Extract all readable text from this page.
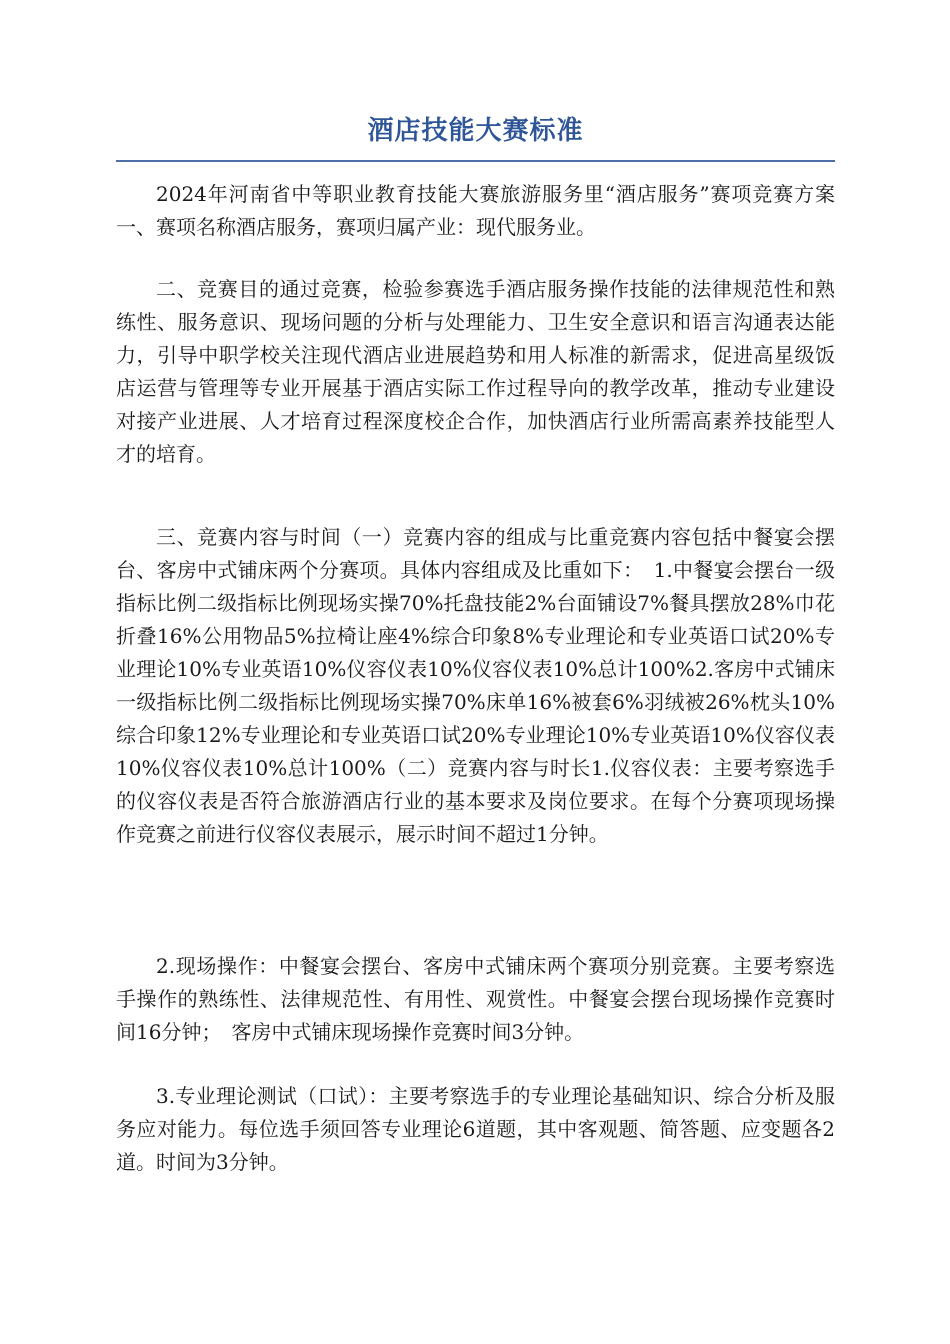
酒店技能大赛标准

2024年河南省中等职业教育技能大赛旅游服务里“酒店服务”赛项竞赛方案一、赛项名称酒店服务，赛项归属产业：现代服务业。

二、竞赛目的通过竞赛，检验参赛选手酒店服务操作技能的法律规范性和熟练性、服务意识、现场问题的分析与处理能力、卫生安全意识和语言沟通表达能力，引导中职学校关注现代酒店业进展趋势和用人标准的新需求，促进高星级饭店运营与管理等专业开展基于酒店实际工作过程导向的教学改革，推动专业建设对接产业进展、人才培育过程深度校企合作，加快酒店行业所需高素养技能型人才的培育。

三、竞赛内容与时间（一）竞赛内容的组成与比重竞赛内容包括中餐宴会摆台、客房中式铺床两个分赛项。具体内容组成及比重如下：　1.中餐宴会摆台一级指标比例二级指标比例现场实操70%托盘技能2%台面铺设7%餐具摆放28%巾花折叠16%公用物品5%拉椅让座4%综合印象8%专业理论和专业英语口试20%专业理论10%专业英语10%仪容仪表10%仪容仪表10%总计100%2.客房中式铺床一级指标比例二级指标比例现场实操70%床单16%被套6%羽绒被26%枕头10%综合印象12%专业理论和专业英语口试20%专业理论10%专业英语10%仪容仪表10%仪容仪表10%总计100%（二）竞赛内容与时长1.仪容仪表：主要考察选手的仪容仪表是否符合旅游酒店行业的基本要求及岗位要求。在每个分赛项现场操作竞赛之前进行仪容仪表展示，展示时间不超过1分钟。

2.现场操作：中餐宴会摆台、客房中式铺床两个赛项分别竞赛。主要考察选手操作的熟练性、法律规范性、有用性、观赏性。中餐宴会摆台现场操作竞赛时间16分钟；　客房中式铺床现场操作竞赛时间3分钟。

3.专业理论测试（口试）：主要考察选手的专业理论基础知识、综合分析及服务应对能力。每位选手须回答专业理论6道题，其中客观题、简答题、应变题各2道。时间为3分钟。
